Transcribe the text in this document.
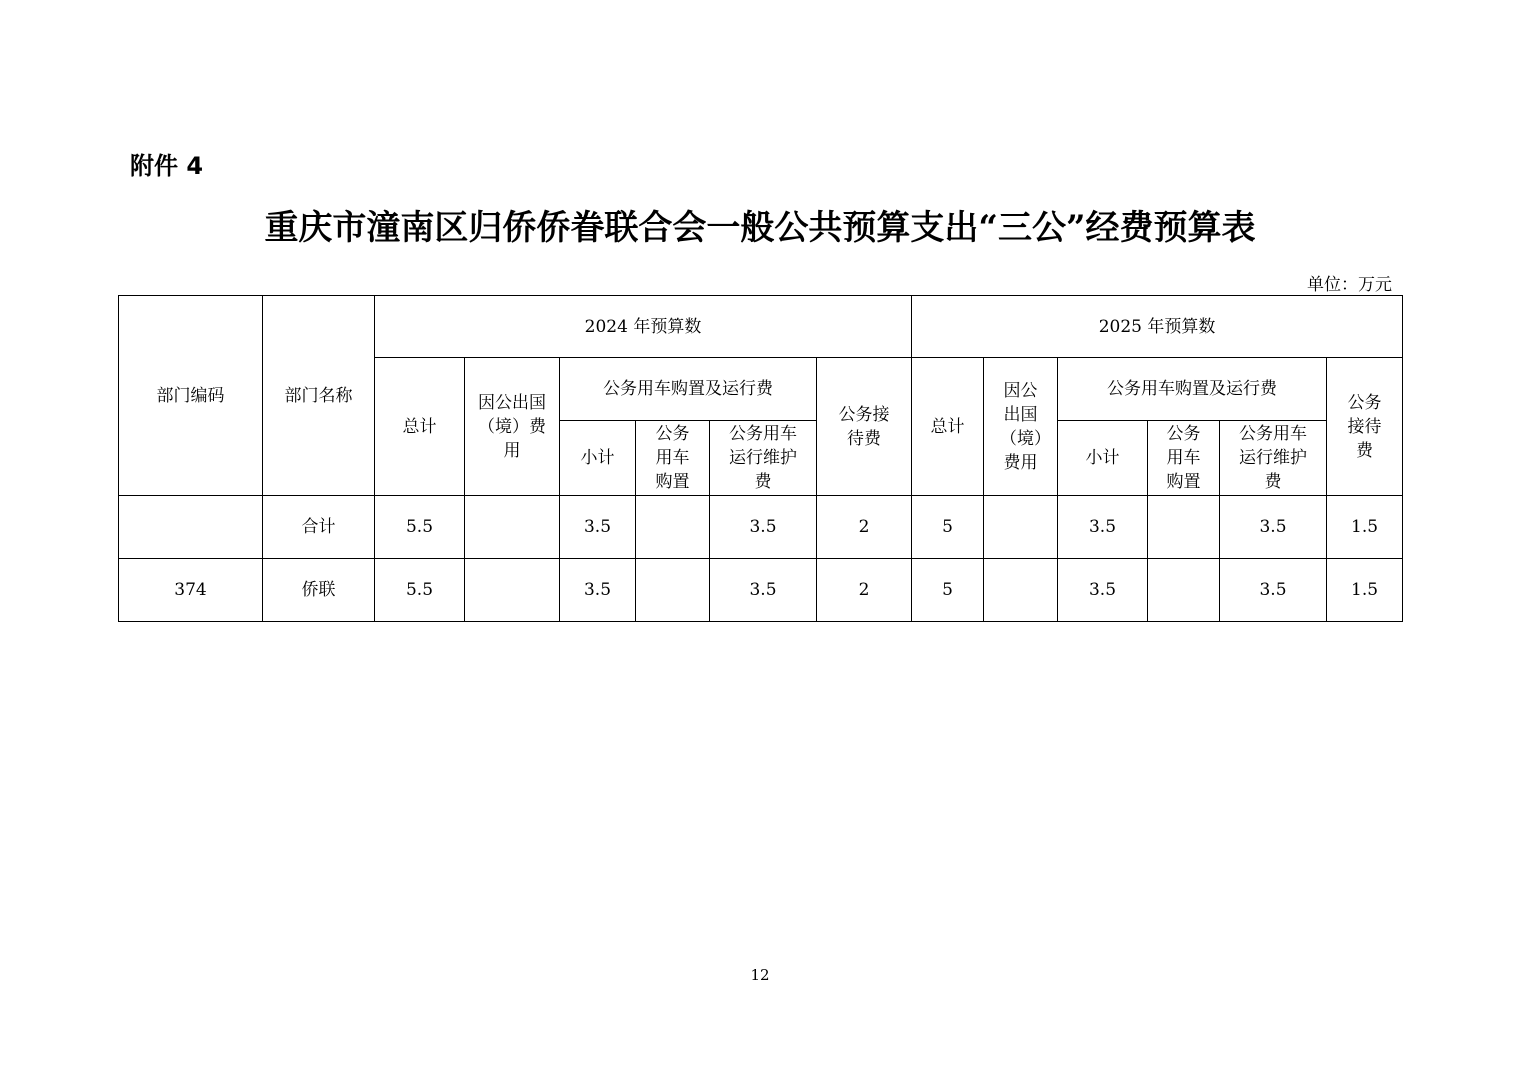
附件 4
重庆市潼南区归侨侨眷联合会一般公共预算支出“三公”经费预算表
单位：万元
部门编码	部门名称	2024 年预算数						2025 年预算数					
		总计	因公出国（境）费用	公务用车购置及运行费			公务接待费	总计	因公出国（境）费用	公务用车购置及运行费			公务接待费
				小计	公务用车购置	公务用车运行维护费				小计	公务用车购置	公务用车运行维护费	
	合计	5.5		3.5		3.5	2	5		3.5		3.5	1.5
374	侨联	5.5		3.5		3.5	2	5		3.5		3.5	1.5
12
